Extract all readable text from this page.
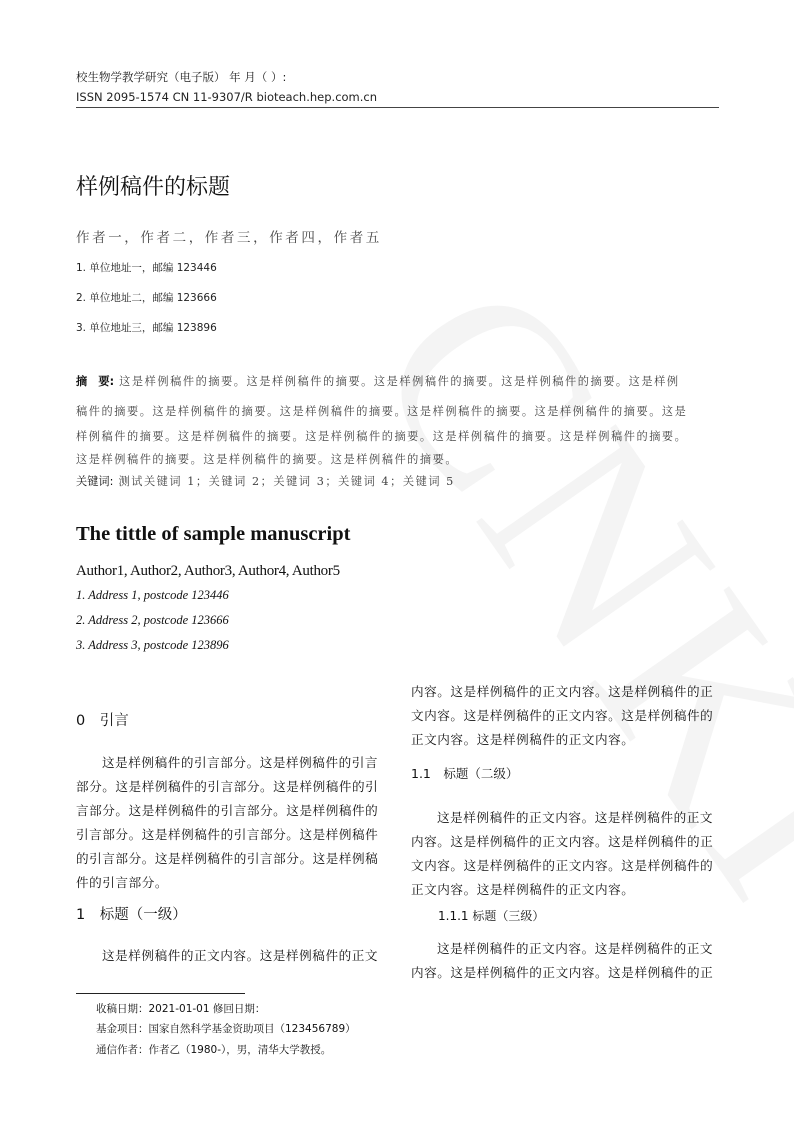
校生物学教学研究（电子版） 年 月（ ）:
ISSN 2095-1574 CN 11-9307/R bioteach.hep.com.cn
样例稿件的标题
作者一，作者二，作者三，作者四，作者五
1. 单位地址一，邮编 123446
2. 单位地址二，邮编 123666
3. 单位地址三，邮编 123896
摘　要: 这是样例稿件的摘要。这是样例稿件的摘要。这是样例稿件的摘要。这是样例稿件的摘要。这是样例
稿件的摘要。这是样例稿件的摘要。这是样例稿件的摘要。这是样例稿件的摘要。这是样例稿件的摘要。这是
样例稿件的摘要。这是样例稿件的摘要。这是样例稿件的摘要。这是样例稿件的摘要。这是样例稿件的摘要。
这是样例稿件的摘要。这是样例稿件的摘要。这是样例稿件的摘要。
关键词: 测试关键词 1；关键词 2；关键词 3；关键词 4；关键词 5
The tittle of sample manuscript
Author1, Author2, Author3, Author4, Author5
1. Address 1, postcode 123446
2. Address 2, postcode 123666
3. Address 3, postcode 123896
0　引言
这是样例稿件的引言部分。这是样例稿件的引言
部分。这是样例稿件的引言部分。这是样例稿件的引
言部分。这是样例稿件的引言部分。这是样例稿件的
引言部分。这是样例稿件的引言部分。这是样例稿件
的引言部分。这是样例稿件的引言部分。这是样例稿
件的引言部分。
1　标题（一级）
这是样例稿件的正文内容。这是样例稿件的正文
收稿日期：2021-01-01 修回日期：
基金项目：国家自然科学基金资助项目（123456789）
通信作者：作者乙（1980-），男，清华大学教授。
内容。这是样例稿件的正文内容。这是样例稿件的正
文内容。这是样例稿件的正文内容。这是样例稿件的
正文内容。这是样例稿件的正文内容。
1.1　标题（二级）
这是样例稿件的正文内容。这是样例稿件的正文
内容。这是样例稿件的正文内容。这是样例稿件的正
文内容。这是样例稿件的正文内容。这是样例稿件的
正文内容。这是样例稿件的正文内容。
1.1.1 标题（三级）
这是样例稿件的正文内容。这是样例稿件的正文
内容。这是样例稿件的正文内容。这是样例稿件的正
